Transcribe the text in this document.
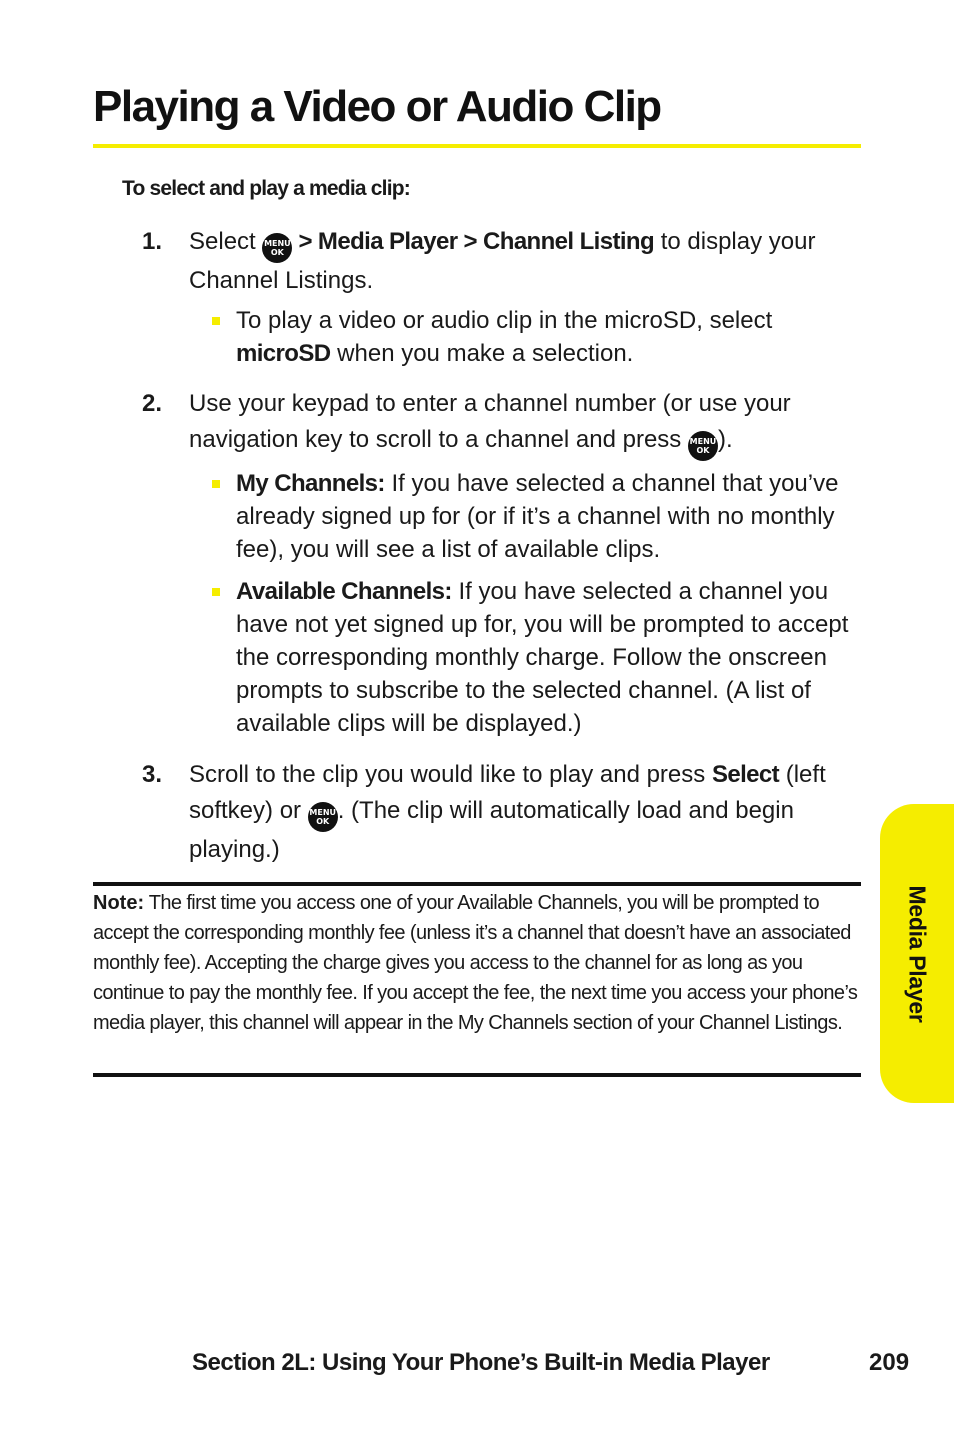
Playing a Video or Audio Clip
To select and play a media clip:
1. Select MENU
OK > Media Player > Channel Listing to display your Channel Listings.
To play a video or audio clip in the microSD, select microSD when you make a selection.
2. Use your keypad to enter a channel number (or use your navigation key to scroll to a channel and press MENU
OK ).
My Channels: If you have selected a channel that you’ve already signed up for (or if it’s a channel with no monthly fee), you will see a list of available clips.
Available Channels: If you have selected a channel you have not yet signed up for, you will be prompted to accept the corresponding monthly charge. Follow the onscreen prompts to subscribe to the selected channel. (A list of available clips will be displayed.)
3. Scroll to the clip you would like to play and press Select (left softkey) or MENU
OK . (The clip will automatically load and begin playing.)
Note: The first time you access one of your Available Channels, you will be prompted to accept the corresponding monthly fee (unless it’s a channel that doesn’t have an associated monthly fee). Accepting the charge gives you access to the channel for as long as you continue to pay the monthly fee. If you accept the fee, the next time you access your phone’s media player, this channel will appear in the My Channels section of your Channel Listings.
Media Player
Section 2L: Using Your Phone’s Built-in Media Player	209
